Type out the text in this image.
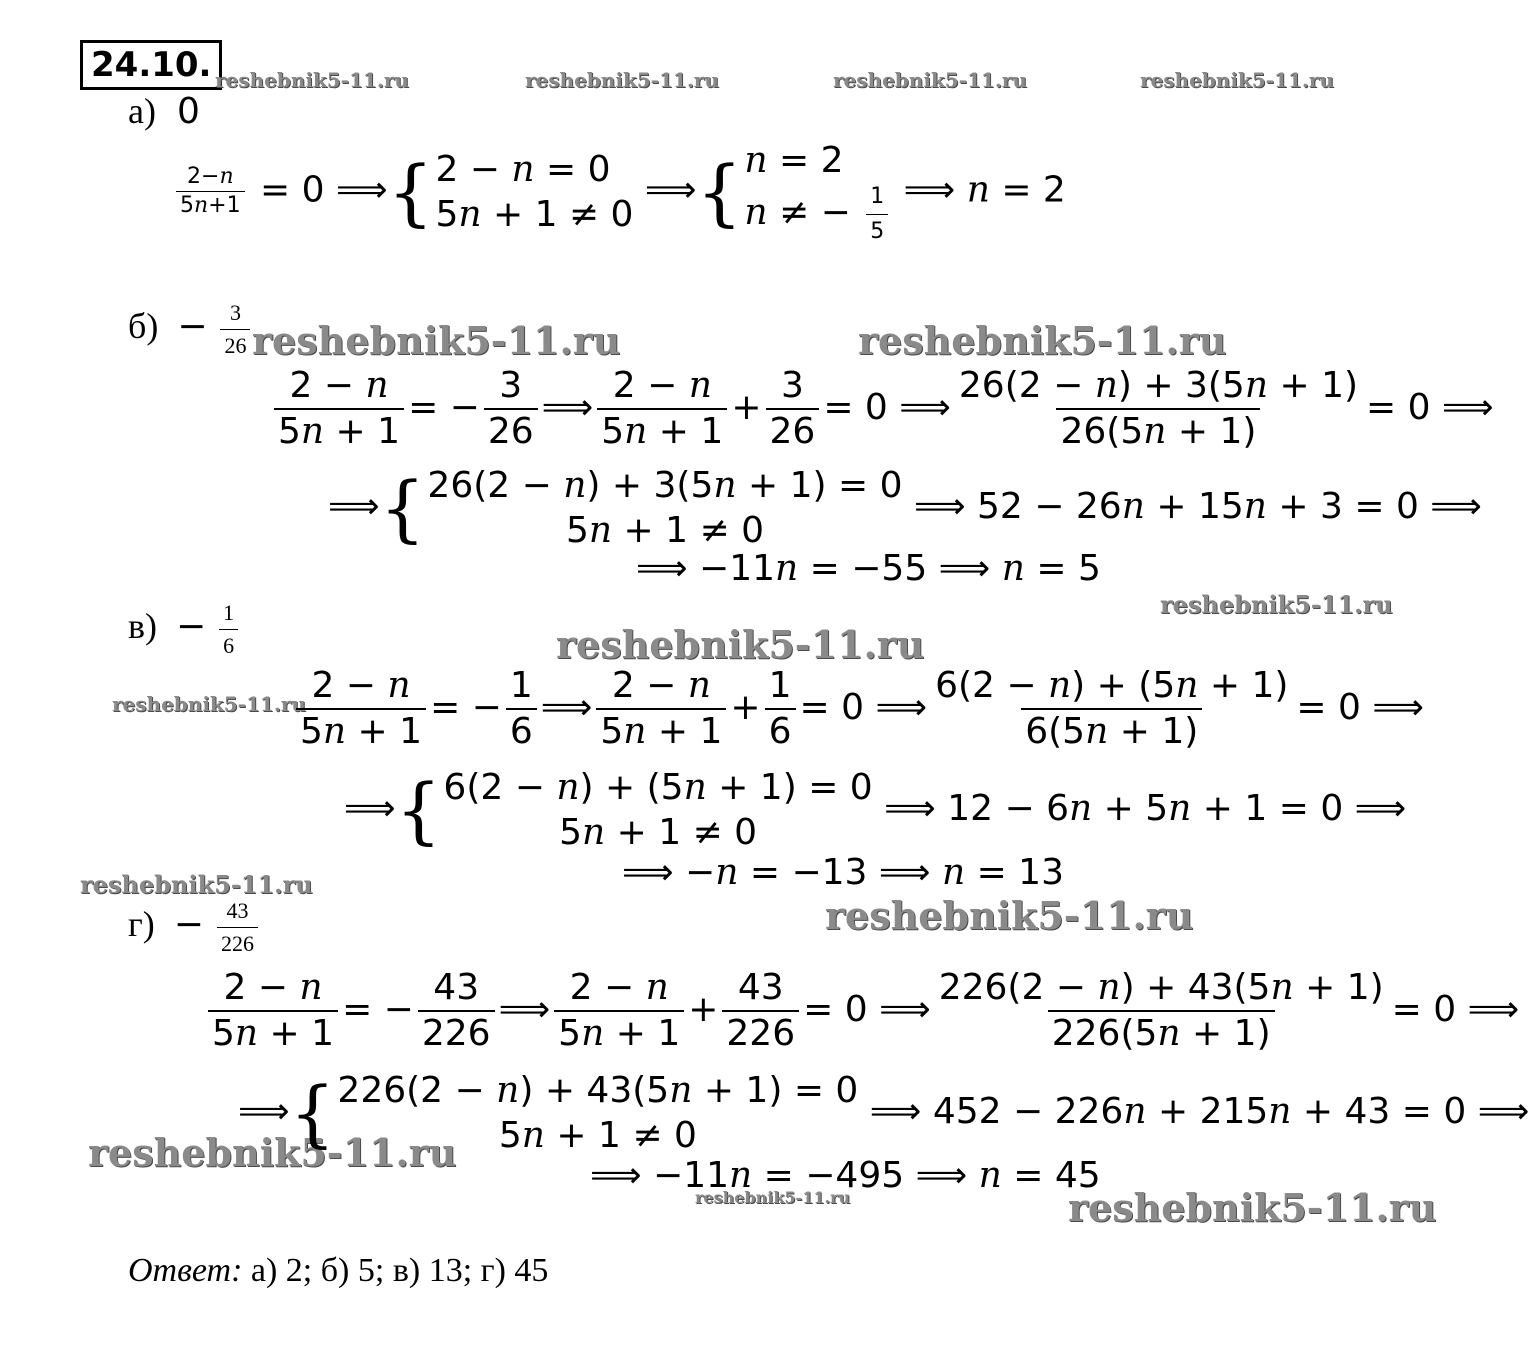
24.10. reshebnik5-11.ru	reshebnik5-11.ru	reshebnik5-11.ru	reshebnik5-11.ru
reshebnik5-11.ru	reshebnik5-11.ru
reshebnik5-11.ru
reshebnik5-11.ru
reshebnik5-11.ru
reshebnik5-11.ru
reshebnik5-11.ru
reshebnik5-11.ru
reshebnik5-11.ru	reshebnik5-11.ru
а) 0
$\frac{2-n}{5n+1} = 0$ ⟹{ 2 − n = 0
5n + 1 ≠ 0
⟹{ n = 2
n ≠ − $\frac{1}{5}$ ⟹ n = 2
$б) - \frac{3}{26}$
$\frac{2 - n}{5n + 1}$ = − $\frac{3}{26}$ ⟹ $\frac{2 - n}{5n + 1} + \frac{3}{26} = 0$ ⟹ $\frac{26(2 - n) + 3(5n + 1)}{26(5n + 1)} = 0$ ⟹
⟹{ 26(2 − n) + 3(5n + 1) = 0
5n + 1 ≠ 0
⟹ 52 − 26n + 15n + 3 = 0 ⟹
⟹ −11n = −55 ⟹ n = 5
$в) - \frac{1}{6}$
$\frac{2 - n}{5n + 1}$ = − $\frac{1}{6}$ ⟹ $\frac{2 - n}{5n + 1} + \frac{1}{6} = 0$ ⟹ $\frac{6(2 - n) + (5n + 1)}{6(5n + 1)} = 0$ ⟹
⟹{ 6(2 − n) + (5n + 1) = 0
5n + 1 ≠ 0
⟹ 12 − 6n + 5n + 1 = 0 ⟹
⟹ −n = −13 ⟹ n = 13
$г) - \frac{43}{226}$
$\frac{2 - n}{5n + 1}$ = − $\frac{43}{226}$ ⟹ $\frac{2 - n}{5n + 1} + \frac{43}{226} = 0$ ⟹ $\frac{226(2 - n) + 43(5n + 1)}{226(5n + 1)} = 0$ ⟹
⟹{ 226(2 − n) + 43(5n + 1) = 0
5n + 1 ≠ 0
⟹ 452 − 226n + 215n + 43 = 0 ⟹
⟹ −11n = −495 ⟹ n = 45
Ответ: а) 2; б) 5; в) 13; г) 45
